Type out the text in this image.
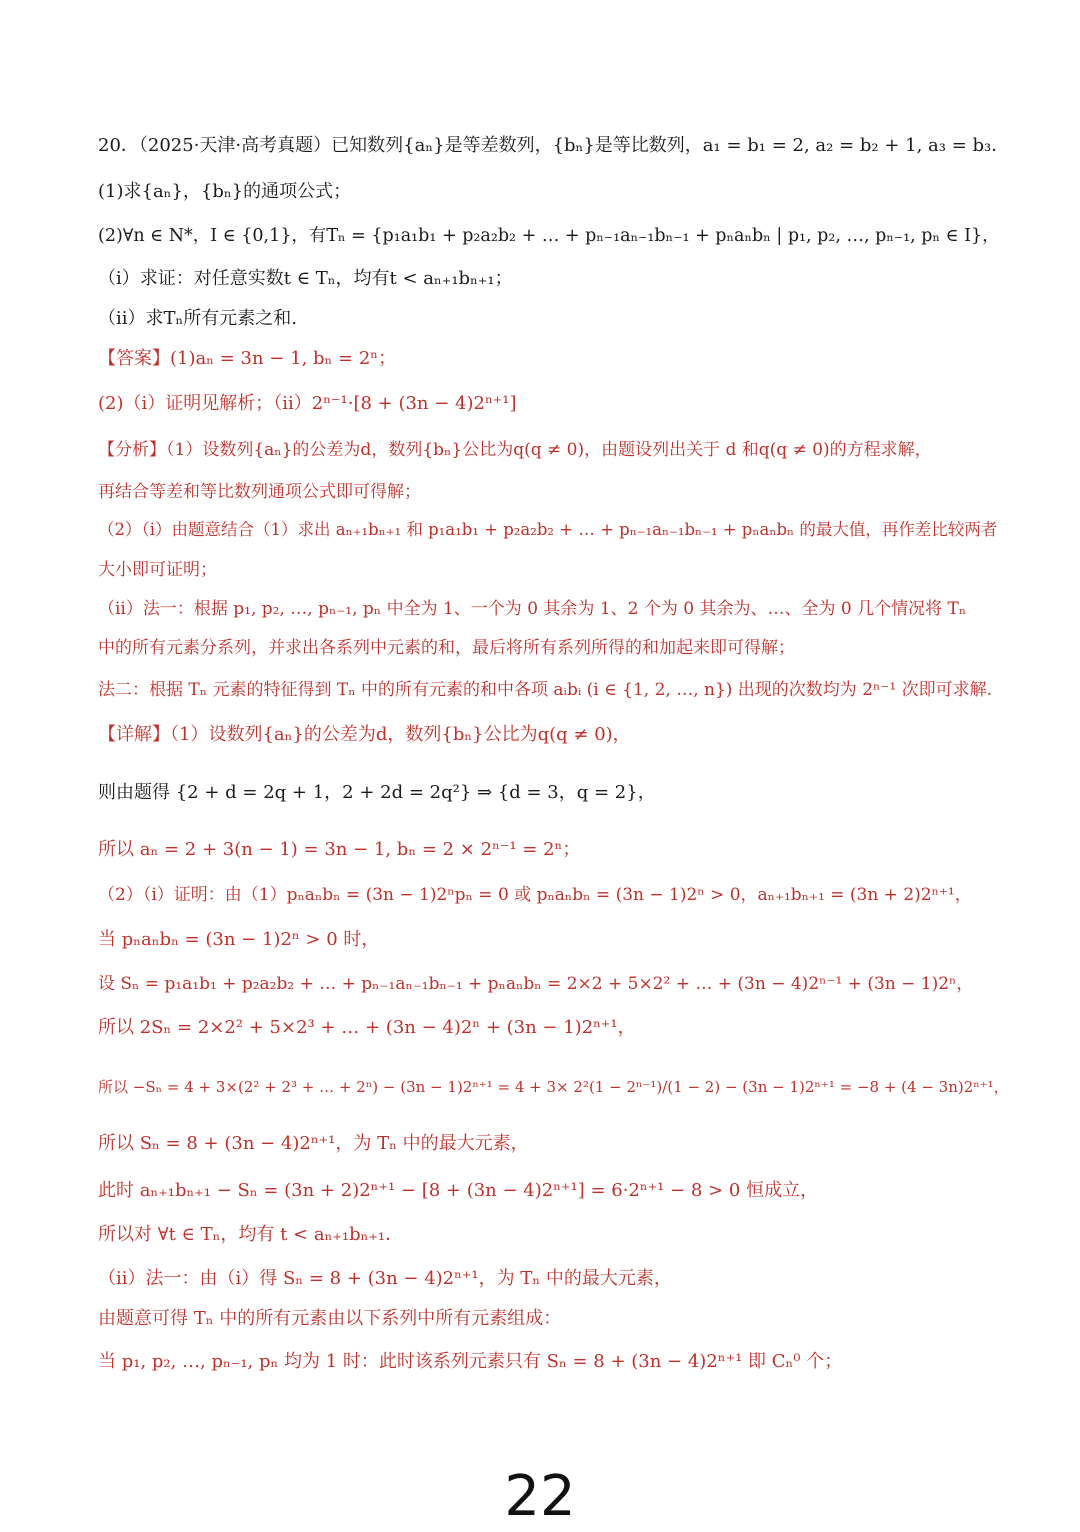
20．（2025·天津·高考真题）已知数列{aₙ}是等差数列，{bₙ}是等比数列，a₁ = b₁ = 2, a₂ = b₂ + 1, a₃ = b₃．
(1)求{aₙ}，{bₙ}的通项公式；
(2)∀n ∈ N*，I ∈ {0,1}，有Tₙ = {p₁a₁b₁ + p₂a₂b₂ + … + pₙ₋₁aₙ₋₁bₙ₋₁ + pₙaₙbₙ | p₁, p₂, …, pₙ₋₁, pₙ ∈ I}，
（i）求证：对任意实数t ∈ Tₙ，均有t < aₙ₊₁bₙ₊₁；
（ii）求Tₙ所有元素之和.
【答案】(1)aₙ = 3n − 1, bₙ = 2ⁿ；
(2)（i）证明见解析；（ii）2ⁿ⁻¹·[8 + (3n − 4)2ⁿ⁺¹]
【分析】（1）设数列{aₙ}的公差为d，数列{bₙ}公比为q(q ≠ 0)，由题设列出关于 d 和q(q ≠ 0)的方程求解，
再结合等差和等比数列通项公式即可得解；
（2）（i）由题意结合（1）求出 aₙ₊₁bₙ₊₁ 和 p₁a₁b₁ + p₂a₂b₂ + … + pₙ₋₁aₙ₋₁bₙ₋₁ + pₙaₙbₙ 的最大值，再作差比较两者
大小即可证明；
（ii）法一：根据 p₁, p₂, …, pₙ₋₁, pₙ 中全为 1、一个为 0 其余为 1、2 个为 0 其余为、…、全为 0 几个情况将 Tₙ
中的所有元素分系列，并求出各系列中元素的和，最后将所有系列所得的和加起来即可得解；
法二：根据 Tₙ 元素的特征得到 Tₙ 中的所有元素的和中各项 aᵢbᵢ (i ∈ {1, 2, …, n}) 出现的次数均为 2ⁿ⁻¹ 次即可求解.
【详解】（1）设数列{aₙ}的公差为d，数列{bₙ}公比为q(q ≠ 0)，
则由题得 {2 + d = 2q + 1，2 + 2d = 2q²} ⇒ {d = 3，q = 2}，
所以 aₙ = 2 + 3(n − 1) = 3n − 1, bₙ = 2 × 2ⁿ⁻¹ = 2ⁿ；
（2）（i）证明：由（1）pₙaₙbₙ = (3n − 1)2ⁿpₙ = 0 或 pₙaₙbₙ = (3n − 1)2ⁿ > 0，aₙ₊₁bₙ₊₁ = (3n + 2)2ⁿ⁺¹，
当 pₙaₙbₙ = (3n − 1)2ⁿ > 0 时，
设 Sₙ = p₁a₁b₁ + p₂a₂b₂ + … + pₙ₋₁aₙ₋₁bₙ₋₁ + pₙaₙbₙ = 2×2 + 5×2² + … + (3n − 4)2ⁿ⁻¹ + (3n − 1)2ⁿ，
所以 2Sₙ = 2×2² + 5×2³ + … + (3n − 4)2ⁿ + (3n − 1)2ⁿ⁺¹，
所以 −Sₙ = 4 + 3×(2² + 2³ + … + 2ⁿ) − (3n − 1)2ⁿ⁺¹ = 4 + 3× 2²(1 − 2ⁿ⁻¹)/(1 − 2) − (3n − 1)2ⁿ⁺¹ = −8 + (4 − 3n)2ⁿ⁺¹，
所以 Sₙ = 8 + (3n − 4)2ⁿ⁺¹，为 Tₙ 中的最大元素，
此时 aₙ₊₁bₙ₊₁ − Sₙ = (3n + 2)2ⁿ⁺¹ − [8 + (3n − 4)2ⁿ⁺¹] = 6·2ⁿ⁺¹ − 8 > 0 恒成立，
所以对 ∀t ∈ Tₙ，均有 t < aₙ₊₁bₙ₊₁．
（ii）法一：由（i）得 Sₙ = 8 + (3n − 4)2ⁿ⁺¹，为 Tₙ 中的最大元素，
由题意可得 Tₙ 中的所有元素由以下系列中所有元素组成：
当 p₁, p₂, …, pₙ₋₁, pₙ 均为 1 时：此时该系列元素只有 Sₙ = 8 + (3n − 4)2ⁿ⁺¹ 即 Cₙ⁰ 个；
22
